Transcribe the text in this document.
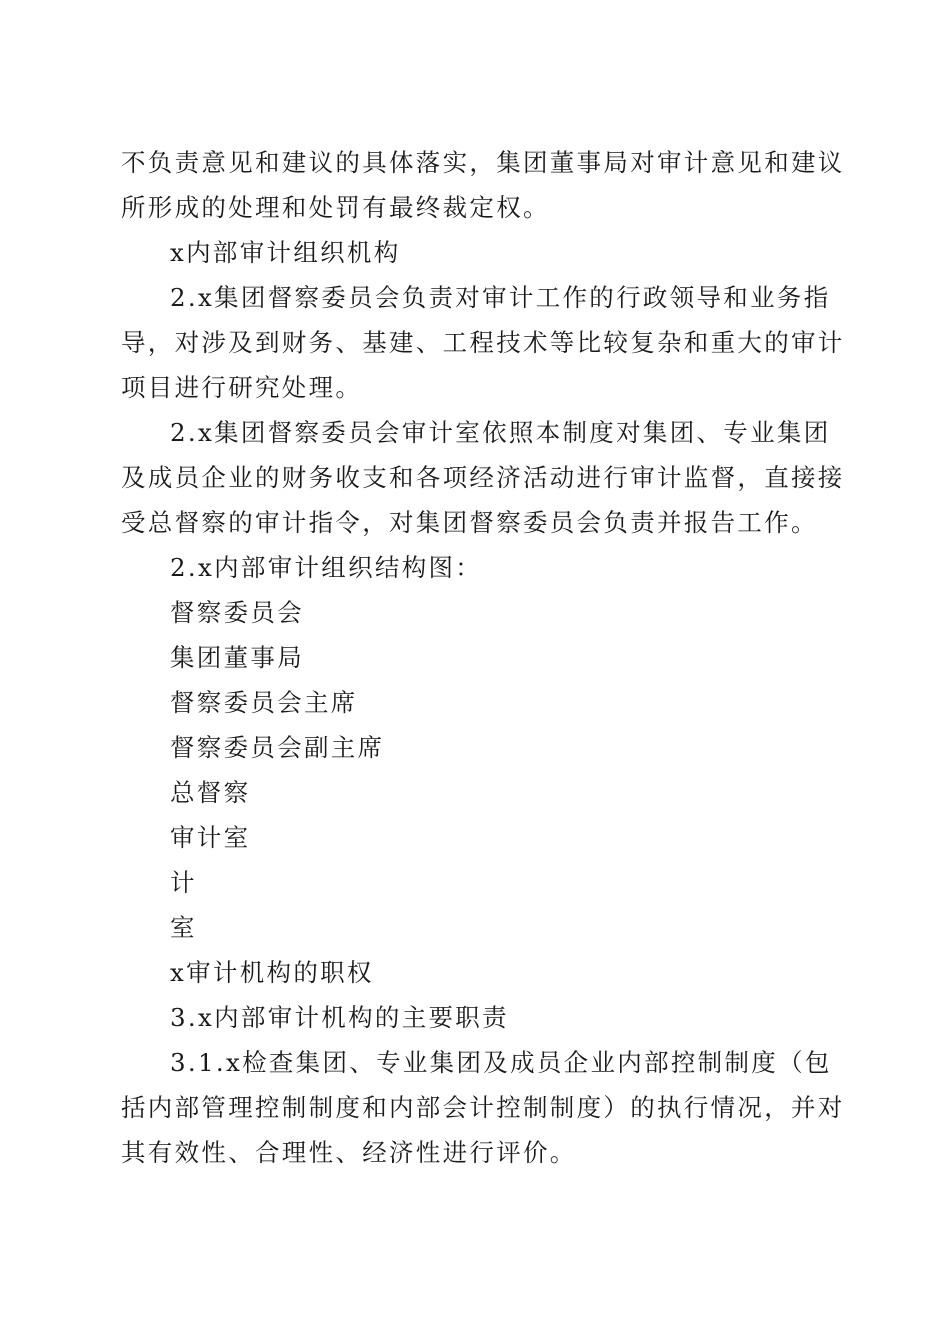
不负责意见和建议的具体落实，集团董事局对审计意见和建议
所形成的处理和处罚有最终裁定权。
x内部审计组织机构
2.x集团督察委员会负责对审计工作的行政领导和业务指
导，对涉及到财务、基建、工程技术等比较复杂和重大的审计
项目进行研究处理。
2.x集团督察委员会审计室依照本制度对集团、专业集团
及成员企业的财务收支和各项经济活动进行审计监督，直接接
受总督察的审计指令，对集团督察委员会负责并报告工作。
2.x内部审计组织结构图：
督察委员会
集团董事局
督察委员会主席
督察委员会副主席
总督察
审计室
计
室
x审计机构的职权
3.x内部审计机构的主要职责
3.1.x检查集团、专业集团及成员企业内部控制制度（包
括内部管理控制制度和内部会计控制制度）的执行情况，并对
其有效性、合理性、经济性进行评价。
